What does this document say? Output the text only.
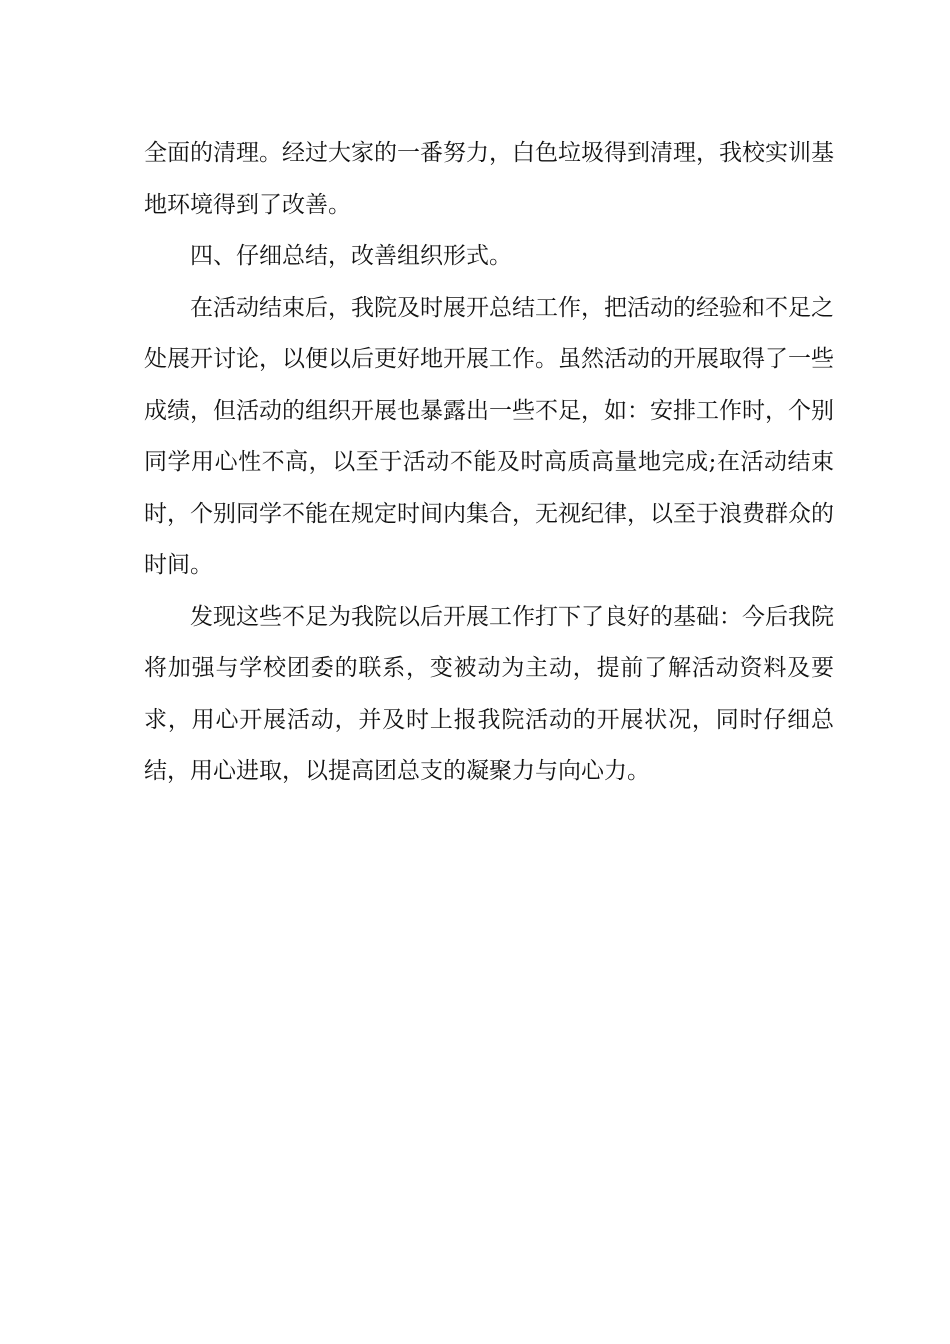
全面的清理。经过大家的一番努力，白色垃圾得到清理，我校实训基地环境得到了改善。

四、仔细总结，改善组织形式。

在活动结束后，我院及时展开总结工作，把活动的经验和不足之处展开讨论，以便以后更好地开展工作。虽然活动的开展取得了一些成绩，但活动的组织开展也暴露出一些不足，如：安排工作时，个别同学用心性不高，以至于活动不能及时高质高量地完成;在活动结束时，个别同学不能在规定时间内集合，无视纪律，以至于浪费群众的时间。

发现这些不足为我院以后开展工作打下了良好的基础：今后我院将加强与学校团委的联系，变被动为主动，提前了解活动资料及要求，用心开展活动，并及时上报我院活动的开展状况，同时仔细总结，用心进取，以提高团总支的凝聚力与向心力。
